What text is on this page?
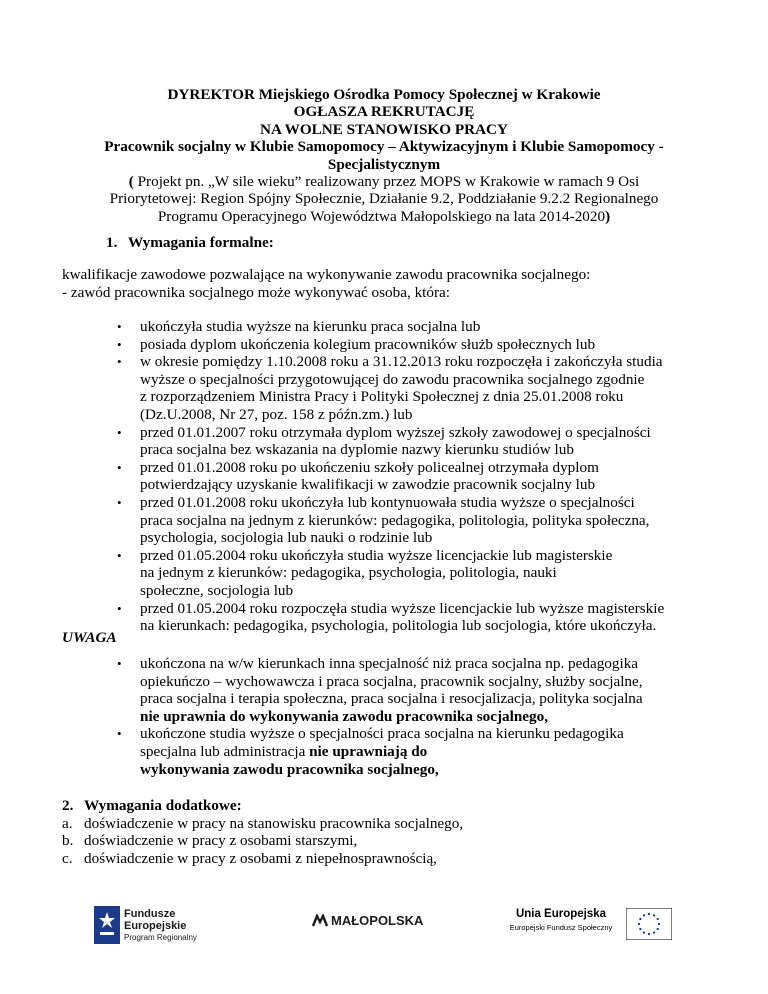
DYREKTOR Miejskiego Ośrodka Pomocy Społecznej w Krakowie
OGŁASZA REKRUTACJĘ
NA WOLNE STANOWISKO PRACY
Pracownik socjalny w Klubie Samopomocy – Aktywizacyjnym i Klubie Samopomocy -
Specjalistycznym
( Projekt pn. „W sile wieku” realizowany przez MOPS w Krakowie w ramach 9 Osi
Priorytetowej: Region Spójny Społecznie, Działanie 9.2, Poddziałanie 9.2.2 Regionalnego
Programu Operacyjnego Województwa Małopolskiego na lata 2014-2020)
1. Wymagania formalne:
kwalifikacje zawodowe pozwalające na wykonywanie zawodu pracownika socjalnego:
- zawód pracownika socjalnego może wykonywać osoba, która:
• ukończyła studia wyższe na kierunku praca socjalna lub
• posiada dyplom ukończenia kolegium pracowników służb społecznych lub
• w okresie pomiędzy 1.10.2008 roku a 31.12.2013 roku rozpoczęła i zakończyła studia
wyższe o specjalności przygotowującej do zawodu pracownika socjalnego zgodnie
z rozporządzeniem Ministra Pracy i Polityki Społecznej z dnia 25.01.2008 roku
(Dz.U.2008, Nr 27, poz. 158 z późn.zm.) lub
• przed 01.01.2007 roku otrzymała dyplom wyższej szkoły zawodowej o specjalności
praca socjalna bez wskazania na dyplomie nazwy kierunku studiów lub
• przed 01.01.2008 roku po ukończeniu szkoły policealnej otrzymała dyplom
potwierdzający uzyskanie kwalifikacji w zawodzie pracownik socjalny lub
• przed 01.01.2008 roku ukończyła lub kontynuowała studia wyższe o specjalności
praca socjalna na jednym z kierunków: pedagogika, politologia, polityka społeczna,
psychologia, socjologia lub nauki o rodzinie lub
• przed 01.05.2004 roku ukończyła studia wyższe licencjackie lub magisterskie
na jednym z kierunków: pedagogika, psychologia, politologia, nauki
społeczne, socjologia lub
• przed 01.05.2004 roku rozpoczęła studia wyższe licencjackie lub wyższe magisterskie
na kierunkach: pedagogika, psychologia, politologia lub socjologia, które ukończyła.
UWAGA
• ukończona na w/w kierunkach inna specjalność niż praca socjalna np. pedagogika
opiekuńczo – wychowawcza i praca socjalna, pracownik socjalny, służby socjalne,
praca socjalna i terapia społeczna, praca socjalna i resocjalizacja, polityka socjalna
nie uprawnia do wykonywania zawodu pracownika socjalnego,
• ukończone studia wyższe o specjalności praca socjalna na kierunku pedagogika
specjalna lub administracja nie uprawniają do
wykonywania zawodu pracownika socjalnego,
2. Wymagania dodatkowe:
a. doświadczenie w pracy na stanowisku pracownika socjalnego,
b. doświadczenie w pracy z osobami starszymi,
c. doświadczenie w pracy z osobami z niepełnosprawnością,
Fundusze
Europejskie
Program Regionalny
MAŁOPOLSKA	Unia Europejska
Europejski Fundusz Społeczny
